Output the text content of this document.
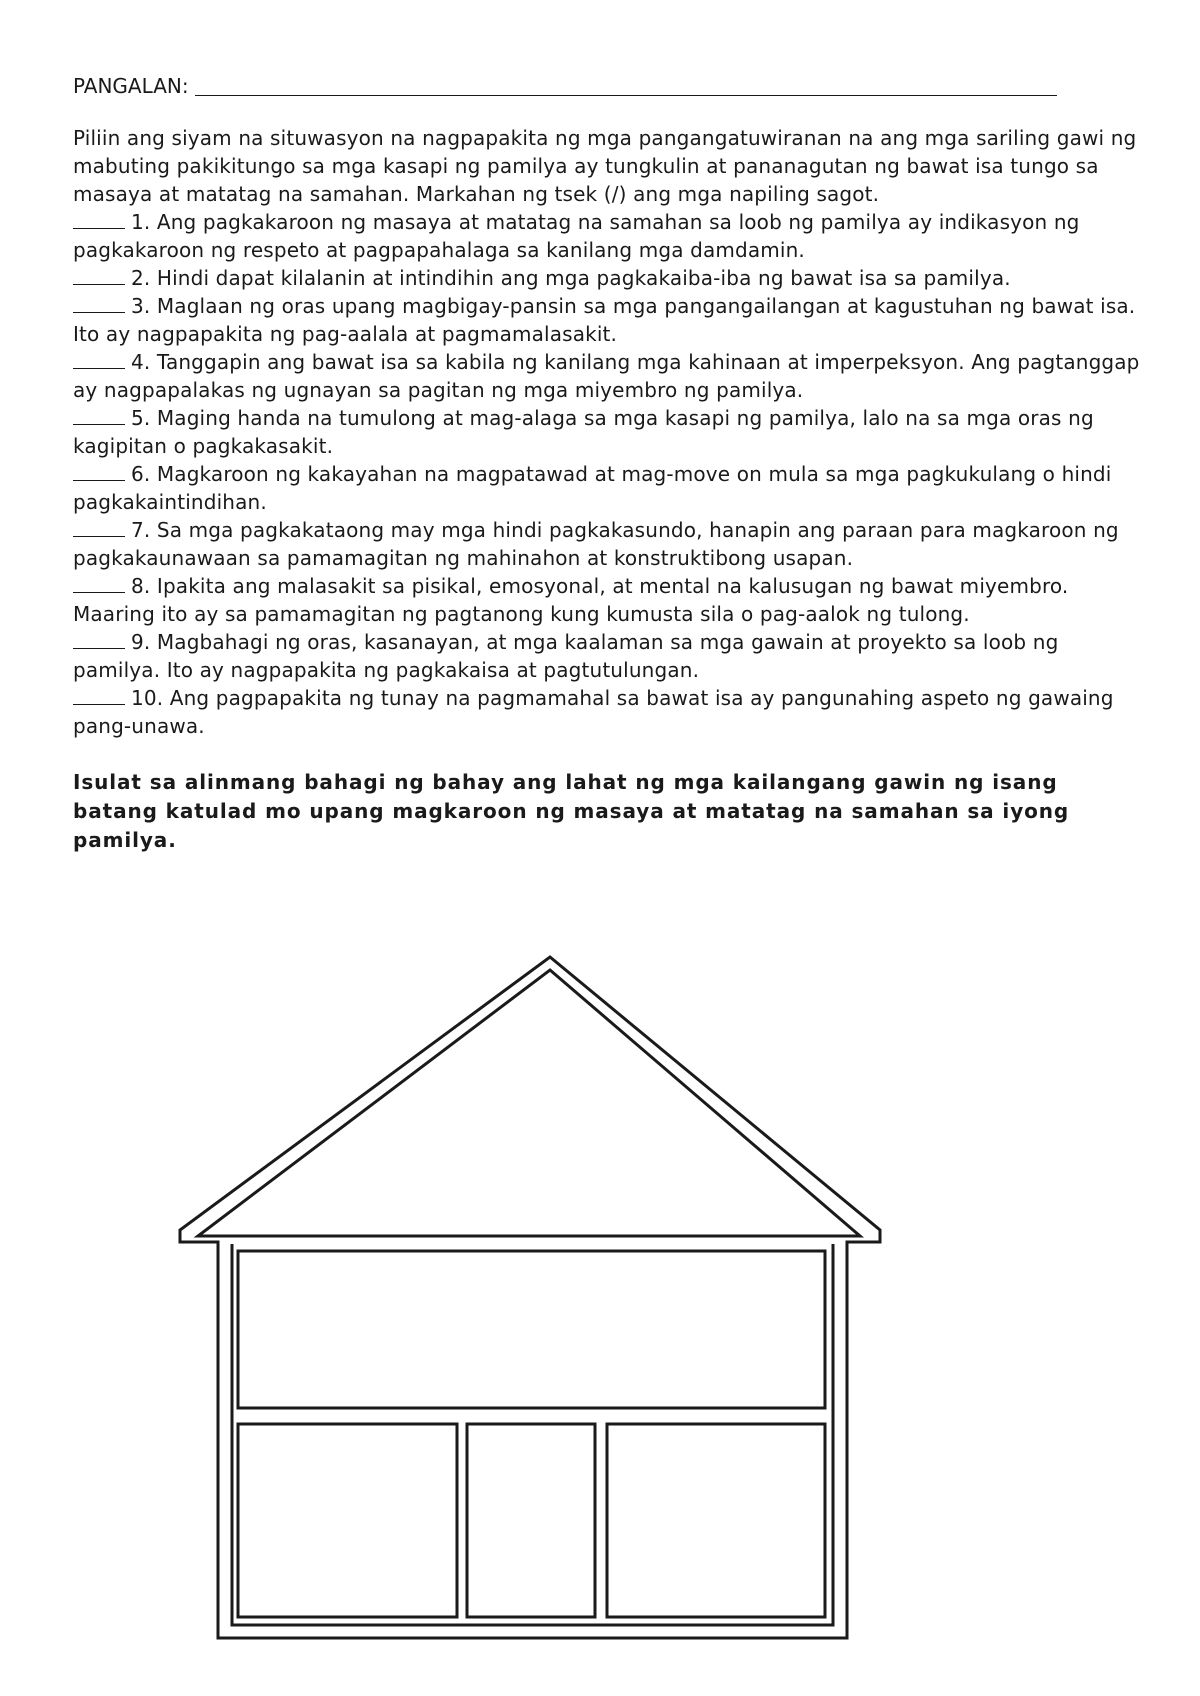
PANGALAN:
Piliin ang siyam na situwasyon na nagpapakita ng mga pangangatuwiranan na ang mga sariling gawi ng mabuting pakikitungo sa mga kasapi ng pamilya ay tungkulin at pananagutan ng bawat isa tungo sa masaya at matatag na samahan. Markahan ng tsek (/) ang mga napiling sagot.
1 . Ang pagkakaroon ng masaya at matatag na samahan sa loob ng pamilya ay indikasyon ng pagkakaroon ng respeto at pagpapahalaga sa kanilang mga damdamin.
2 . Hindi dapat kilalanin at intindihin ang mga pagkakaiba-iba ng bawat isa sa pamilya.
3 . Maglaan ng oras upang magbigay-pansin sa mga pangangailangan at kagustuhan ng bawat isa. Ito ay nagpapakita ng pag-aalala at pagmamalasakit.
4 . Tanggapin ang bawat isa sa kabila ng kanilang mga kahinaan at imperpeksyon. Ang pagtanggap ay nagpapalakas ng ugnayan sa pagitan ng mga miyembro ng pamilya.
5 . Maging handa na tumulong at mag-alaga sa mga kasapi ng pamilya, lalo na sa mga oras ng kagipitan o pagkakasakit.
6 . Magkaroon ng kakayahan na magpatawad at mag-move on mula sa mga pagkukulang o hindi pagkakaintindihan.
7 . Sa mga pagkakataong may mga hindi pagkakasundo, hanapin ang paraan para magkaroon ng pagkakaunawaan sa pamamagitan ng mahinahon at konstruktibong usapan.
8 . Ipakita ang malasakit sa pisikal, emosyonal, at mental na kalusugan ng bawat miyembro. Maaring ito ay sa pamamagitan ng pagtanong kung kumusta sila o pag-aalok ng tulong.
9 . Magbahagi ng oras, kasanayan, at mga kaalaman sa mga gawain at proyekto sa loob ng pamilya. Ito ay nagpapakita ng pagkakaisa at pagtutulungan.
10 . Ang pagpapakita ng tunay na pagmamahal sa bawat isa ay pangunahing aspeto ng gawaing pang-unawa.
Isulat sa alinmang bahagi ng bahay ang lahat ng mga kailangang gawin ng isang batang katulad mo upang magkaroon ng masaya at matatag na samahan sa iyong pamilya.
